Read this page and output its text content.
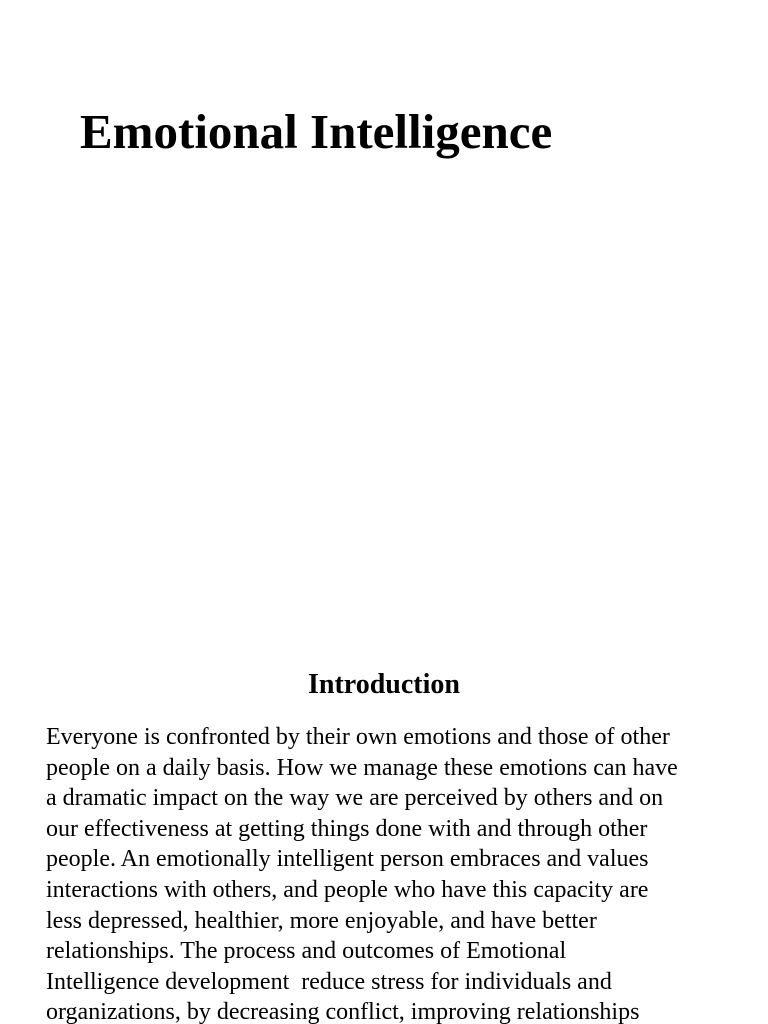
Emotional Intelligence
Introduction

Everyone is confronted by their own emotions and those of other
people on a daily basis. How we manage these emotions can have
a dramatic impact on the way we are perceived by others and on
our effectiveness at getting things done with and through other
people. An emotionally intelligent person embraces and values
interactions with others, and people who have this capacity are
less depressed, healthier, more enjoyable, and have better
relationships. The process and outcomes of Emotional
Intelligence development  reduce stress for individuals and
organizations, by decreasing conflict, improving relationships
